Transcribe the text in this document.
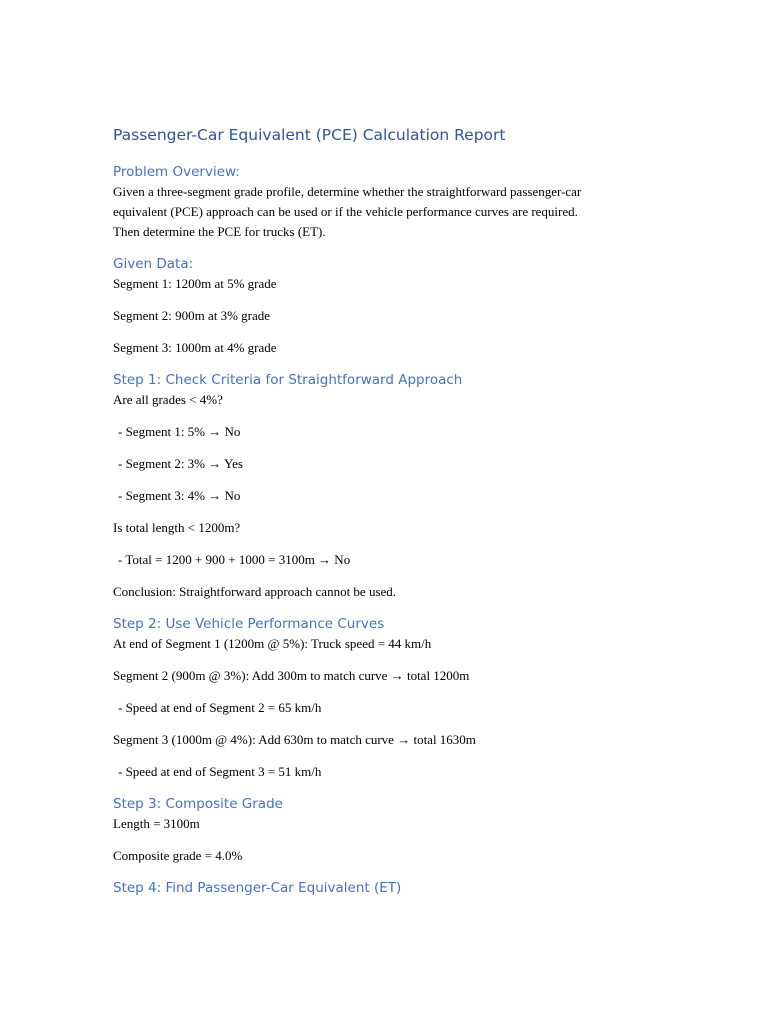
Passenger-Car Equivalent (PCE) Calculation Report
Problem Overview:
Given a three-segment grade profile, determine whether the straightforward passenger-car
equivalent (PCE) approach can be used or if the vehicle performance curves are required.
Then determine the PCE for trucks (ET).
Given Data:
Segment 1: 1200m at 5% grade
Segment 2: 900m at 3% grade
Segment 3: 1000m at 4% grade
Step 1: Check Criteria for Straightforward Approach
Are all grades < 4%?
- Segment 1: 5% → No
- Segment 2: 3% → Yes
- Segment 3: 4% → No
Is total length < 1200m?
- Total = 1200 + 900 + 1000 = 3100m → No
Conclusion: Straightforward approach cannot be used.
Step 2: Use Vehicle Performance Curves
At end of Segment 1 (1200m @ 5%): Truck speed = 44 km/h
Segment 2 (900m @ 3%): Add 300m to match curve → total 1200m
- Speed at end of Segment 2 = 65 km/h
Segment 3 (1000m @ 4%): Add 630m to match curve → total 1630m
- Speed at end of Segment 3 = 51 km/h
Step 3: Composite Grade
Length = 3100m
Composite grade = 4.0%
Step 4: Find Passenger-Car Equivalent (ET)
